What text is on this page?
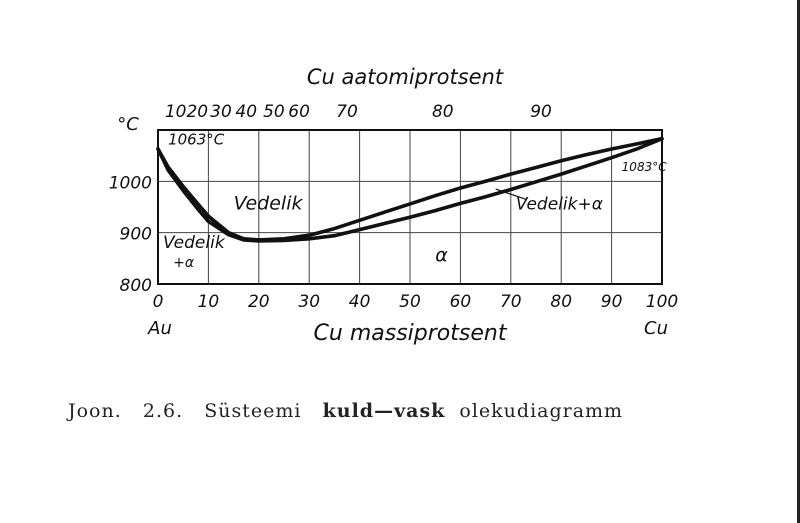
0 10 20 30 40 50 60 70 80 90 100
Au	Cu
Cu massiprotsent
800
900
1000
°C
10 20 30 40 50 60 70	80	90
Cu aatomiprotsent
1063°C
1083°C
Vedelik	Vedelik+α
Vedelik
+α	α
Joon.   2.6.   Süsteemi   kuld—vask  olekudiagramm
